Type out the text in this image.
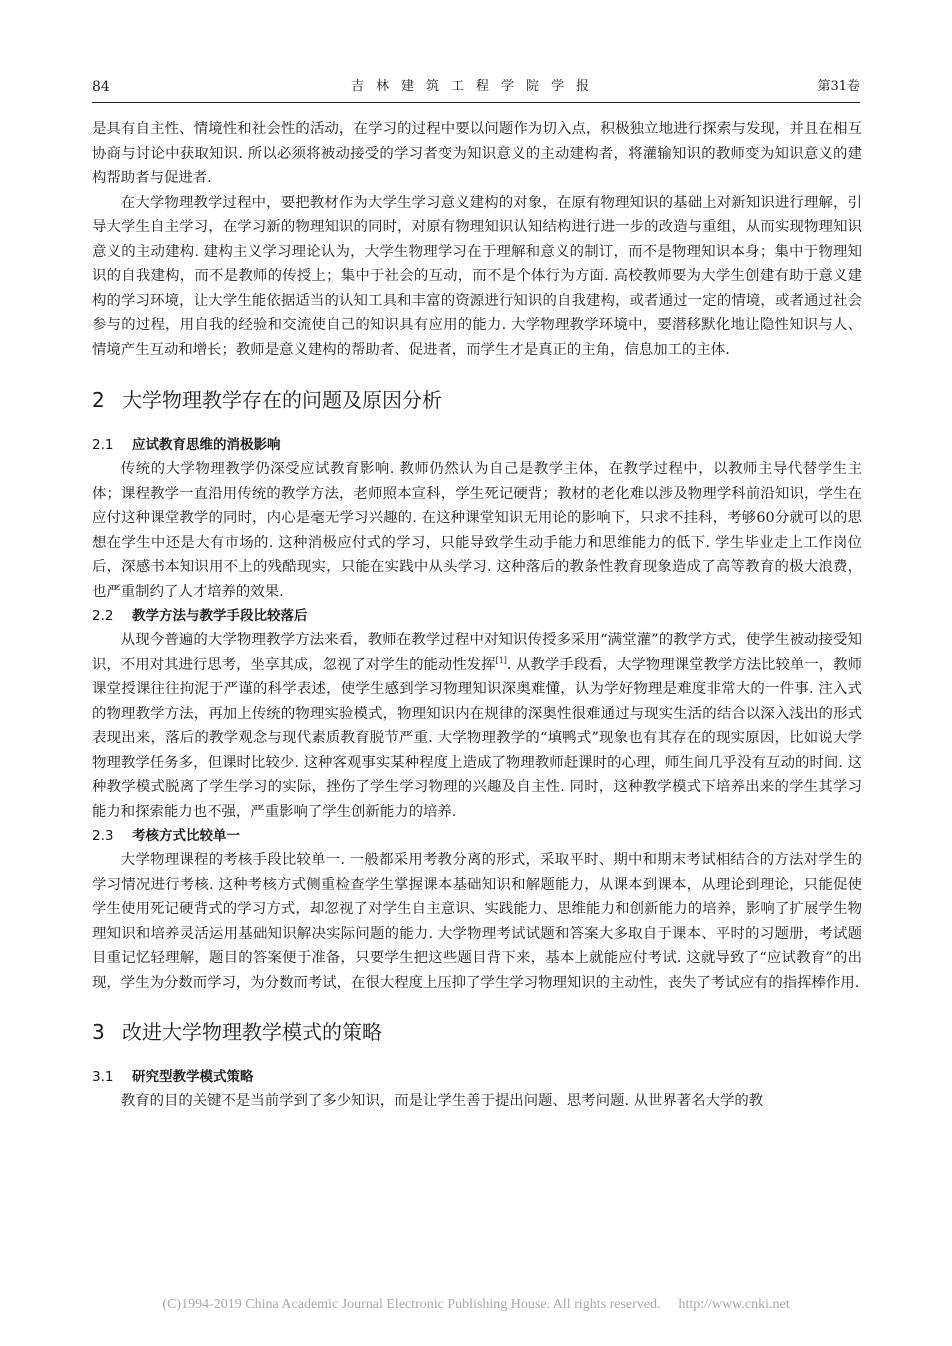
84	吉林建筑工程学院学报	第31卷

是具有自主性、情境性和社会性的活动，在学习的过程中要以问题作为切入点，积极独立地进行探索与发现，并且在相互协商与讨论中获取知识. 所以必须将被动接受的学习者变为知识意义的主动建构者，将灌输知识的教师变为知识意义的建构帮助者与促进者.

在大学物理教学过程中，要把教材作为大学生学习意义建构的对象，在原有物理知识的基础上对新知识进行理解，引导大学生自主学习，在学习新的物理知识的同时，对原有物理知识认知结构进行进一步的改造与重组，从而实现物理知识意义的主动建构. 建构主义学习理论认为，大学生物理学习在于理解和意义的制订，而不是物理知识本身；集中于物理知识的自我建构，而不是教师的传授上；集中于社会的互动，而不是个体行为方面. 高校教师要为大学生创建有助于意义建构的学习环境，让大学生能依据适当的认知工具和丰富的资源进行知识的自我建构，或者通过一定的情境，或者通过社会参与的过程，用自我的经验和交流使自己的知识具有应用的能力. 大学物理教学环境中，要潜移默化地让隐性知识与人、情境产生互动和增长；教师是意义建构的帮助者、促进者，而学生才是真正的主角，信息加工的主体.

2 大学物理教学存在的问题及原因分析
2.1 应试教育思维的消极影响

传统的大学物理教学仍深受应试教育影响. 教师仍然认为自己是教学主体，在教学过程中，以教师主导代替学生主体；课程教学一直沿用传统的教学方法，老师照本宣科，学生死记硬背；教材的老化难以涉及物理学科前沿知识，学生在应付这种课堂教学的同时，内心是毫无学习兴趣的. 在这种课堂知识无用论的影响下，只求不挂科，考够60分就可以的思想在学生中还是大有市场的. 这种消极应付式的学习，只能导致学生动手能力和思维能力的低下. 学生毕业走上工作岗位后，深感书本知识用不上的残酷现实，只能在实践中从头学习. 这种落后的教条性教育现象造成了高等教育的极大浪费，也严重制约了人才培养的效果.

2.2 教学方法与教学手段比较落后

从现今普遍的大学物理教学方法来看，教师在教学过程中对知识传授多采用“满堂灌”的教学方式，使学生被动接受知识，不用对其进行思考，坐享其成，忽视了对学生的能动性发挥[1]. 从教学手段看，大学物理课堂教学方法比较单一，教师课堂授课往往拘泥于严谨的科学表述，使学生感到学习物理知识深奥难懂，认为学好物理是难度非常大的一件事. 注入式的物理教学方法，再加上传统的物理实验模式，物理知识内在规律的深奥性很难通过与现实生活的结合以深入浅出的形式表现出来，落后的教学观念与现代素质教育脱节严重. 大学物理教学的“填鸭式”现象也有其存在的现实原因，比如说大学物理教学任务多，但课时比较少. 这种客观事实某种程度上造成了物理教师赶课时的心理，师生间几乎没有互动的时间. 这种教学模式脱离了学生学习的实际，挫伤了学生学习物理的兴趣及自主性. 同时，这种教学模式下培养出来的学生其学习能力和探索能力也不强，严重影响了学生创新能力的培养.

2.3 考核方式比较单一

大学物理课程的考核手段比较单一. 一般都采用考教分离的形式，采取平时、期中和期末考试相结合的方法对学生的学习情况进行考核. 这种考核方式侧重检查学生掌握课本基础知识和解题能力，从课本到课本，从理论到理论，只能促使学生使用死记硬背式的学习方式，却忽视了对学生自主意识、实践能力、思维能力和创新能力的培养，影响了扩展学生物理知识和培养灵活运用基础知识解决实际问题的能力. 大学物理考试试题和答案大多取自于课本、平时的习题册，考试题目重记忆轻理解，题目的答案便于准备，只要学生把这些题目背下来，基本上就能应付考试. 这就导致了“应试教育”的出现，学生为分数而学习，为分数而考试，在很大程度上压抑了学生学习物理知识的主动性，丧失了考试应有的指挥棒作用.

3 改进大学物理教学模式的策略
3.1 研究型教学模式策略

教育的目的关键不是当前学到了多少知识，而是让学生善于提出问题、思考问题. 从世界著名大学的教

(C)1994-2019 China Academic Journal Electronic Publishing House. All rights reserved. http://www.cnki.net
